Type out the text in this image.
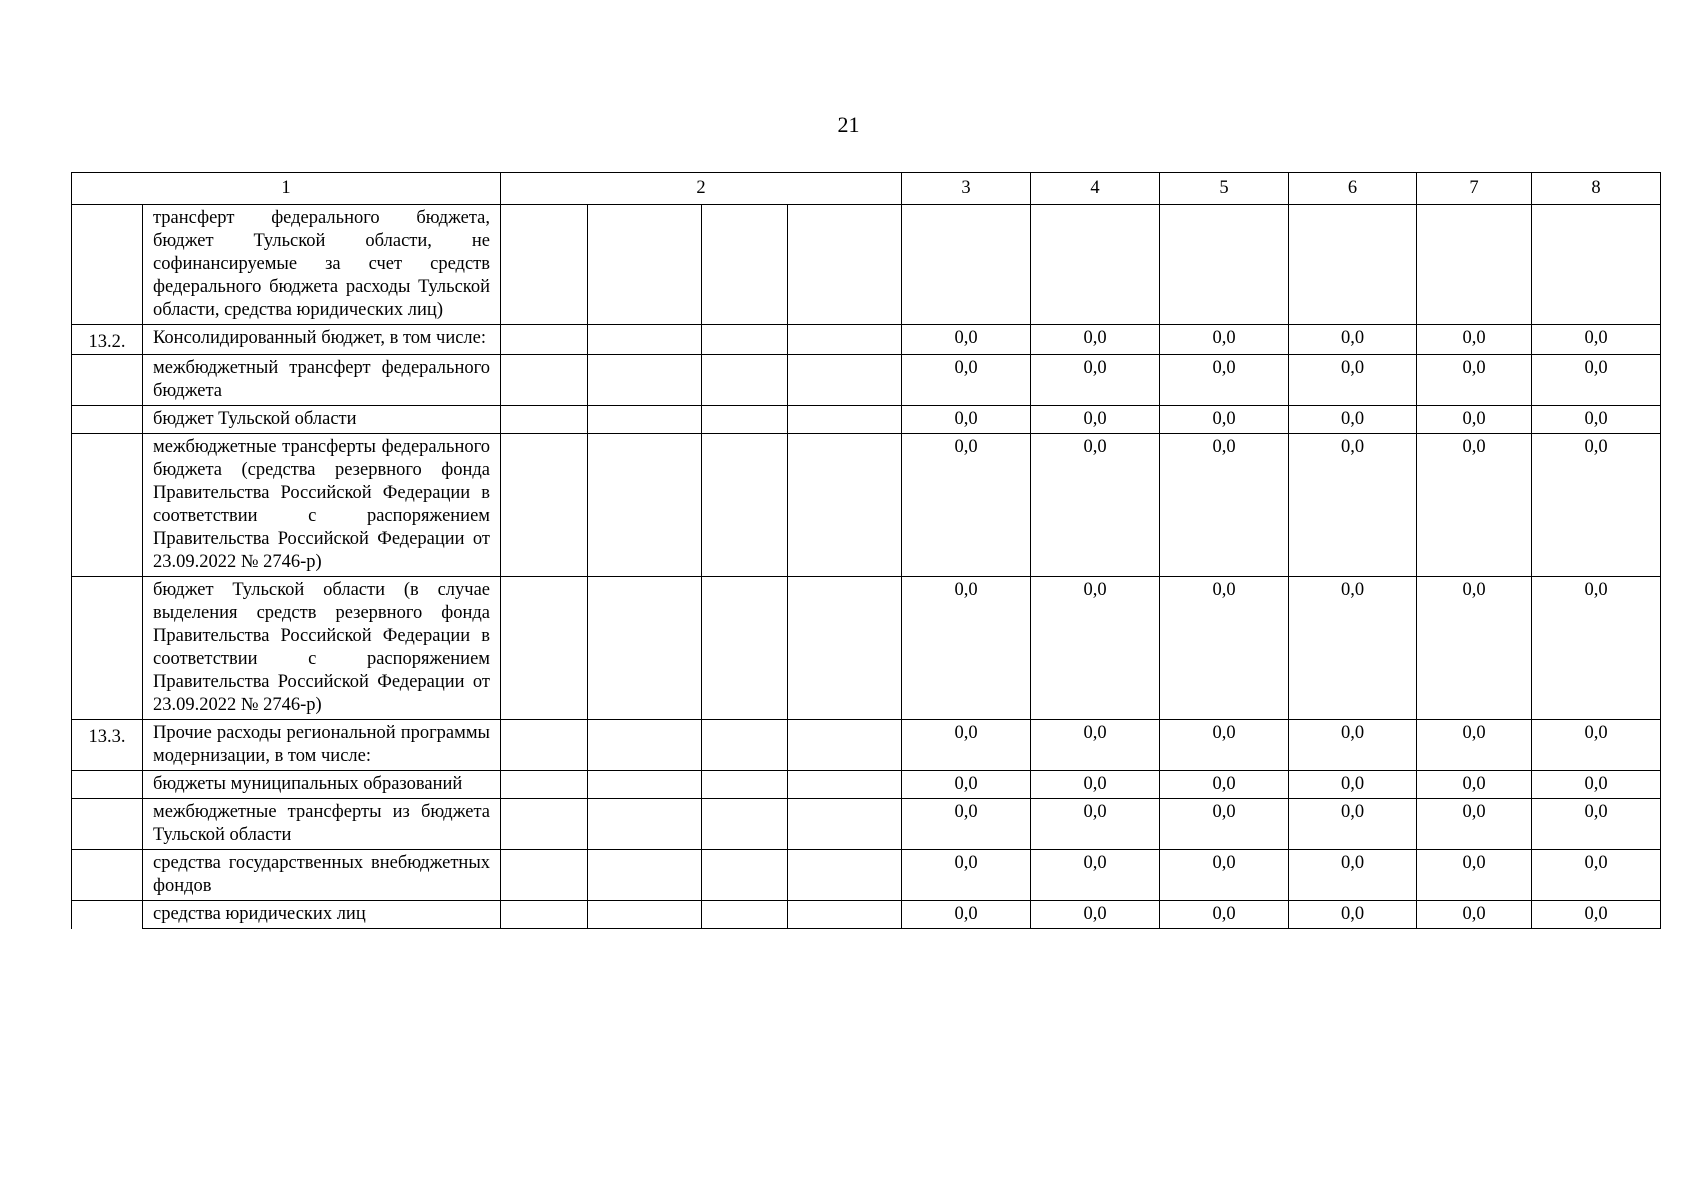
21
1		2				3	4	5	6	7	8
	трансферт федерального бюджета, бюджет Тульской области, не софинансируемые за счет средств федерального бюджета расходы Тульской области, средства юридических лиц)										
13.2.	Консолидированный бюджет, в том числе:					0,0	0,0	0,0	0,0	0,0	0,0
	межбюджетный трансферт федерального бюджета					0,0	0,0	0,0	0,0	0,0	0,0
	бюджет Тульской области					0,0	0,0	0,0	0,0	0,0	0,0
	межбюджетные трансферты федерального бюджета (средства резервного фонда Правительства Российской Федерации в соответствии с распоряжением Правительства Российской Федерации от 23.09.2022 № 2746-р)					0,0	0,0	0,0	0,0	0,0	0,0
	бюджет Тульской области (в случае выделения средств резервного фонда Правительства Российской Федерации в соответствии с распоряжением Правительства Российской Федерации от 23.09.2022 № 2746-р)					0,0	0,0	0,0	0,0	0,0	0,0
13.3.	Прочие расходы региональной программы модернизации, в том числе:					0,0	0,0	0,0	0,0	0,0	0,0
	бюджеты муниципальных образований					0,0	0,0	0,0	0,0	0,0	0,0
	межбюджетные трансферты из бюджета Тульской области					0,0	0,0	0,0	0,0	0,0	0,0
	средства государственных внебюджетных фондов					0,0	0,0	0,0	0,0	0,0	0,0
	средства юридических лиц					0,0	0,0	0,0	0,0	0,0	0,0
